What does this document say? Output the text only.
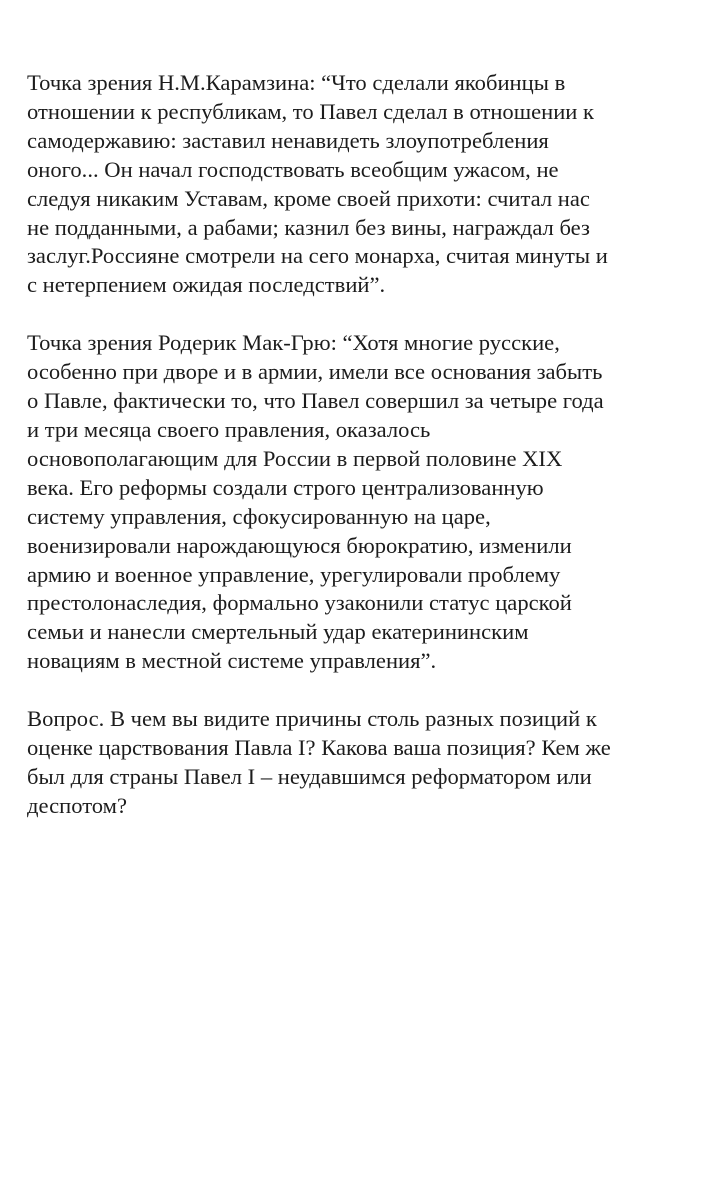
Точка зрения Н.М.Карамзина: “Что сделали якобинцы в
отношении к республикам, то Павел сделал в отношении к
самодержавию: заставил ненавидеть злоупотребления
оного... Он начал господствовать всеобщим ужасом, не
следуя никаким Уставам, кроме своей прихоти: считал нас
не подданными, а рабами; казнил без вины, награждал без
заслуг.Россияне смотрели на сего монарха, считая минуты и
с нетерпением ожидая последствий”.

Точка зрения Родерик Мак-Грю: “Хотя многие русские,
особенно при дворе и в армии, имели все основания забыть
о Павле, фактически то, что Павел совершил за четыре года
и три месяца своего правления, оказалось
основополагающим для России в первой половине XIX
века. Его реформы создали строго централизованную
систему управления, сфокусированную на царе,
военизировали нарождающуюся бюрократию, изменили
армию и военное управление, урегулировали проблему
престолонаследия, формально узаконили статус царской
семьи и нанесли смертельный удар екатерининским
новациям в местной системе управления”.

Вопрос. В чем вы видите причины столь разных позиций к
оценке царствования Павла I? Какова ваша позиция? Кем же
был для страны Павел I – неудавшимся реформатором или
деспотом?
